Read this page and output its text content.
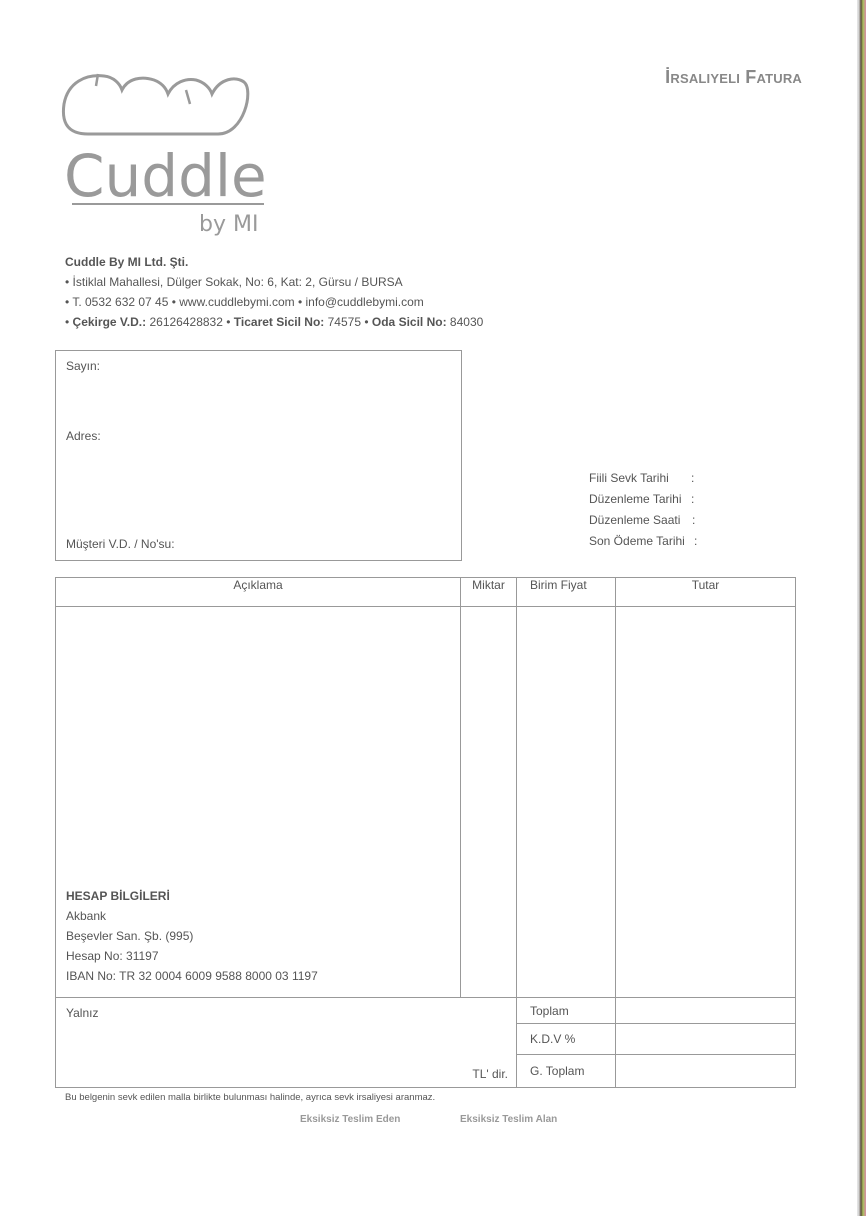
İrsaliyeli Fatura
Cuddle
by MI
Cuddle By MI Ltd. Şti.
• İstiklal Mahallesi, Dülger Sokak, No: 6, Kat: 2, Gürsu / BURSA
• T. 0532 632 07 45 • www.cuddlebymi.com • info@cuddlebymi.com
• Çekirge V.D.: 26126428832 • Ticaret Sicil No: 74575 • Oda Sicil No: 84030
Sayın:
Adres:
Müşteri V.D. / No'su:
Fiili Sevk Tarihi :
Düzenleme Tarihi :
Düzenleme Saati :
Son Ödeme Tarihi :
Açıklama	Miktar	Birim Fiyat	Tutar

HESAP BİLGİLERİ
Akbank
Beşevler San. Şb. (995)
Hesap No: 31197
IBAN No: TR 32 0004 6009 9588 8000 03 1197			

Yalnız
TL' dir.		Toplam	
		K.D.V %	
		G. Toplam	
Bu belgenin sevk edilen malla birlikte bulunması halinde, ayrıca sevk irsaliyesi aranmaz.
Eksiksiz Teslim Eden	Eksiksiz Teslim Alan
